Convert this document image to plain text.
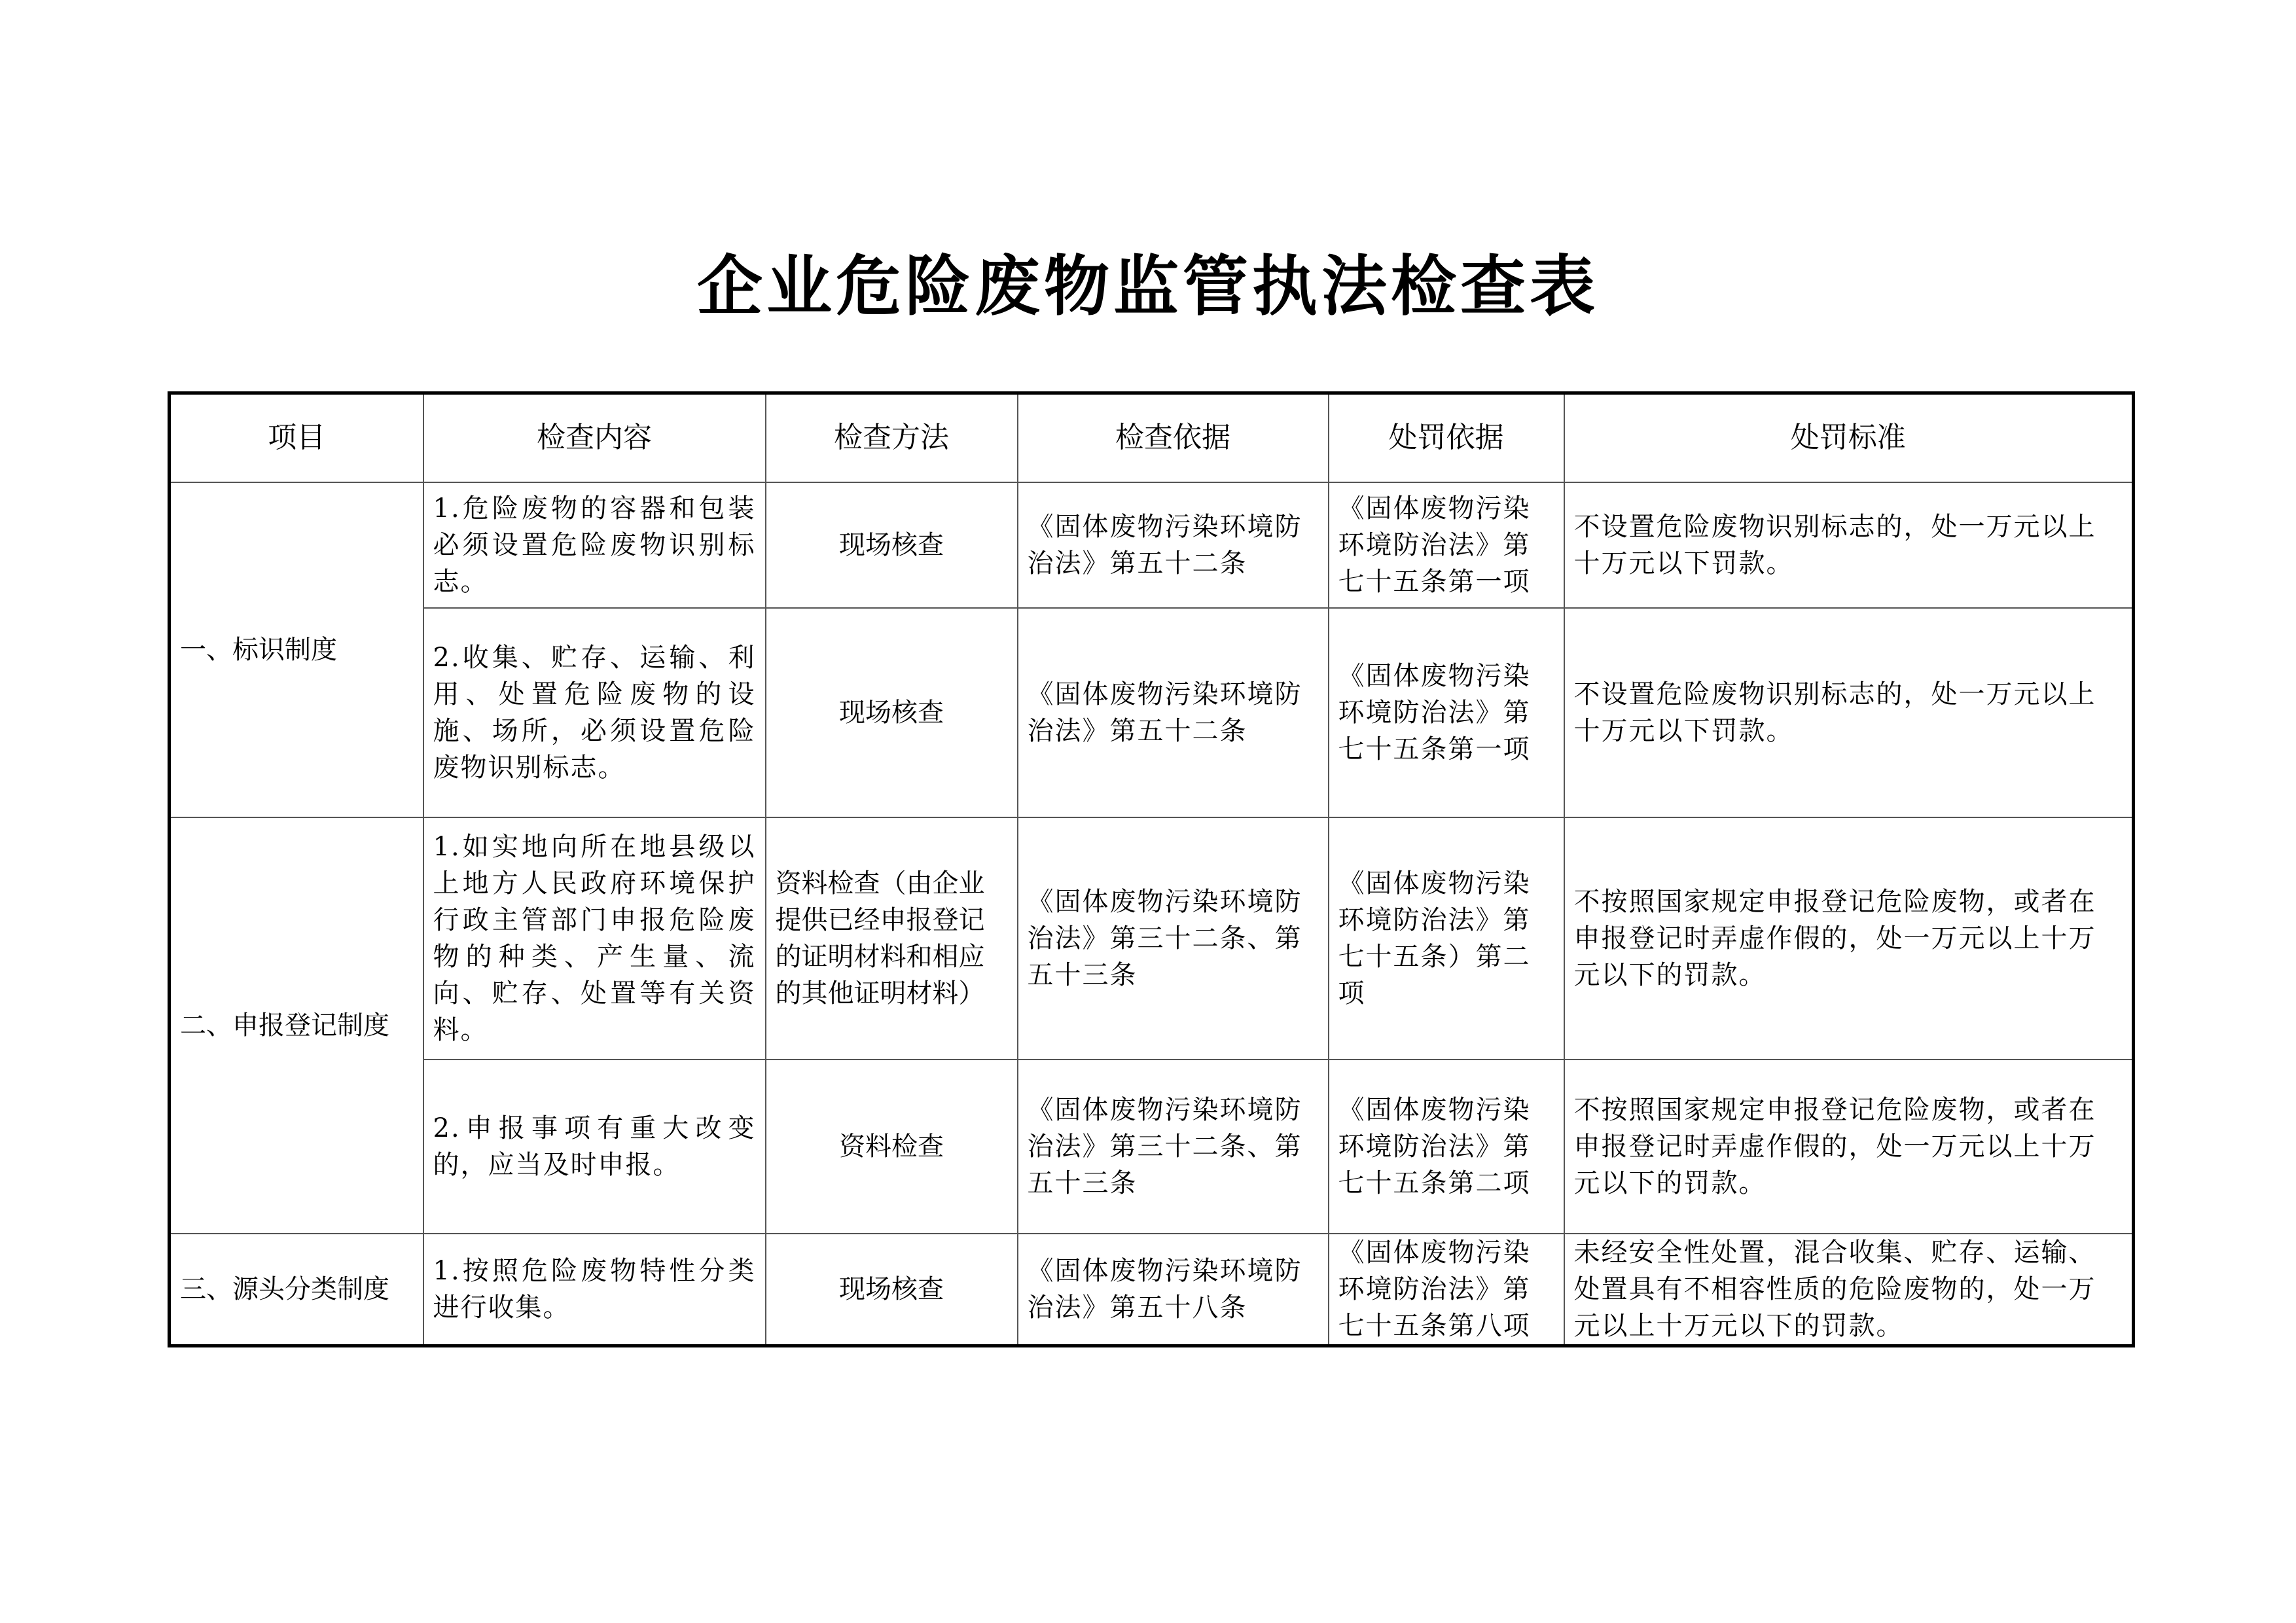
企业危险废物监管执法检查表
项目	检查内容	检查方法	检查依据	处罚依据	处罚标准
一、标识制度	1.危险废物的容器和包装必须设置危险废物识别标志。	现场核查	《固体废物污染环境防治法》第五十二条	《固体废物污染环境防治法》第七十五条第一项	不设置危险废物识别标志的，处一万元以上十万元以下罚款。
	2.收集、贮存、运输、利用、处置危险废物的设施、场所，必须设置危险废物识别标志。	现场核查	《固体废物污染环境防治法》第五十二条	《固体废物污染环境防治法》第七十五条第一项	不设置危险废物识别标志的，处一万元以上十万元以下罚款。
二、申报登记制度	1.如实地向所在地县级以上地方人民政府环境保护行政主管部门申报危险废物的种类、产生量、流向、贮存、处置等有关资料。	资料检查（由企业提供已经申报登记的证明材料和相应的其他证明材料）	《固体废物污染环境防治法》第三十二条、第五十三条	《固体废物污染环境防治法》第七十五条）第二项	不按照国家规定申报登记危险废物，或者在申报登记时弄虚作假的，处一万元以上十万元以下的罚款。
	2.申报事项有重大改变的，应当及时申报。	资料检查	《固体废物污染环境防治法》第三十二条、第五十三条	《固体废物污染环境防治法》第七十五条第二项	不按照国家规定申报登记危险废物，或者在申报登记时弄虚作假的，处一万元以上十万元以下的罚款。
三、源头分类制度	1.按照危险废物特性分类进行收集。	现场核查	《固体废物污染环境防治法》第五十八条	《固体废物污染环境防治法》第七十五条第八项	未经安全性处置，混合收集、贮存、运输、处置具有不相容性质的危险废物的，处一万元以上十万元以下的罚款。
